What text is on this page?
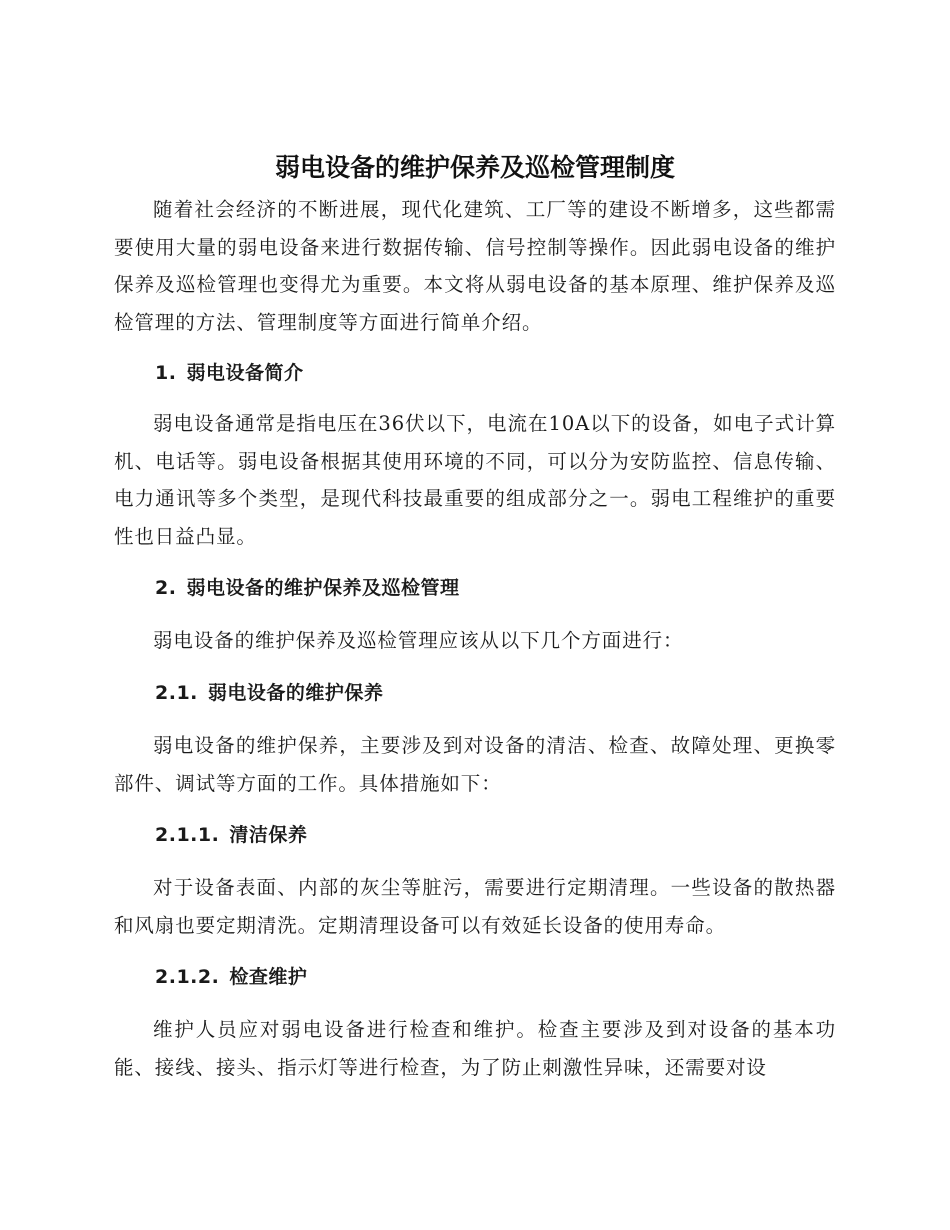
弱电设备的维护保养及巡检管理制度

随着社会经济的不断进展，现代化建筑、工厂等的建设不断增多，这些都需要使用大量的弱电设备来进行数据传输、信号控制等操作。因此弱电设备的维护保养及巡检管理也变得尤为重要。本文将从弱电设备的基本原理、维护保养及巡检管理的方法、管理制度等方面进行简单介绍。

1. 弱电设备简介

弱电设备通常是指电压在36伏以下，电流在10A以下的设备，如电子式计算机、电话等。弱电设备根据其使用环境的不同，可以分为安防监控、信息传输、电力通讯等多个类型，是现代科技最重要的组成部分之一。弱电工程维护的重要性也日益凸显。

2. 弱电设备的维护保养及巡检管理

弱电设备的维护保养及巡检管理应该从以下几个方面进行：

2.1. 弱电设备的维护保养

弱电设备的维护保养，主要涉及到对设备的清洁、检查、故障处理、更换零部件、调试等方面的工作。具体措施如下：

2.1.1. 清洁保养

对于设备表面、内部的灰尘等脏污，需要进行定期清理。一些设备的散热器和风扇也要定期清洗。定期清理设备可以有效延长设备的使用寿命。

2.1.2. 检查维护

维护人员应对弱电设备进行检查和维护。检查主要涉及到对设备的基本功能、接线、接头、指示灯等进行检查，为了防止刺激性异味，还需要对设
